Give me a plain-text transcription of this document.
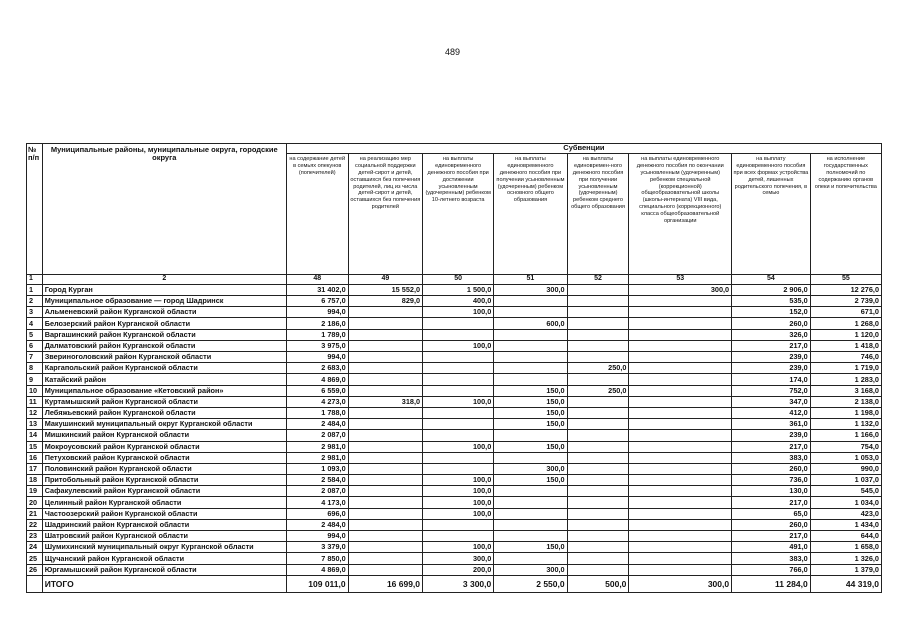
489
№ п/п	Муниципальные районы, муниципальные округа, городские округа	Субвенции							
		на содержание детей в семьях опекунов (попечителей)	на реализацию мер социальной поддержки детей-сирот и детей, оставшихся без попечения родителей, лиц из числа детей-сирот и детей, оставшихся без попечения родителей	на выплаты единовременного денежного пособия при достижении усыновленным (удочеренным) ребенком 10-летнего возраста	на выплаты единовременного денежного пособия при получении усыновленным (удочеренным) ребенком основного общего образования	на выплаты единовремен-ного денежного пособия при получении усыновленным (удочеренным) ребенком среднего общего образования	на выплаты единовременного денежного пособия по окончании усыновленным (удочеренным) ребенком специальной (коррекционной) общеобразовательной школы (школы-интерната) VIII вида, специального (коррекционного) класса общеобразовательной организации	на выплату единовременного пособия при всех формах устройства детей, лишенных родительского попечения, в семью	на исполнение государственных полномочий по содержанию органов опеки и попечительства
1	2	48	49	50	51	52	53	54	55
1	Город Курган	31 402,0	15 552,0	1 500,0	300,0		300,0	2 906,0	12 276,0
2	Муниципальное образование — город Шадринск	6 757,0	829,0	400,0				535,0	2 739,0
3	Альменевский район Курганской области	994,0		100,0				152,0	671,0
4	Белозерский район Курганской области	2 186,0			600,0			260,0	1 268,0
5	Варгашинский район Курганской области	1 789,0						326,0	1 120,0
6	Далматовский район Курганской области	3 975,0		100,0				217,0	1 418,0
7	Звериноголовский район Курганской области	994,0						239,0	746,0
8	Каргапольский район Курганской области	2 683,0				250,0		239,0	1 719,0
9	Катайский район	4 869,0						174,0	1 283,0
10	Муниципальное образование «Кетовский район»	6 559,0			150,0	250,0		752,0	3 168,0
11	Куртамышский район Курганской области	4 273,0	318,0	100,0	150,0			347,0	2 138,0
12	Лебяжьевский район Курганской области	1 788,0			150,0			412,0	1 198,0
13	Макушинский муниципальный округ Курганской области	2 484,0			150,0			361,0	1 132,0
14	Мишкинский район Курганской области	2 087,0						239,0	1 166,0
15	Мокроусовский район Курганской области	2 981,0		100,0	150,0			217,0	754,0
16	Петуховский район Курганской области	2 981,0						383,0	1 053,0
17	Половинский район Курганской области	1 093,0			300,0			260,0	990,0
18	Притобольный район Курганской области	2 584,0		100,0	150,0			736,0	1 037,0
19	Сафакулевский район Курганской области	2 087,0		100,0				130,0	545,0
20	Целинный район Курганской области	4 173,0		100,0				217,0	1 034,0
21	Частоозерский район Курганской области	696,0		100,0				65,0	423,0
22	Шадринский район Курганской области	2 484,0						260,0	1 434,0
23	Шатровский район Курганской области	994,0						217,0	644,0
24	Шумихинский муниципальный округ Курганской области	3 379,0		100,0	150,0			491,0	1 658,0
25	Щучанский район Курганской области	7 850,0		300,0				383,0	1 326,0
26	Юргамышский район Курганской области	4 869,0		200,0	300,0			766,0	1 379,0
	ИТОГО	109 011,0	16 699,0	3 300,0	2 550,0	500,0	300,0	11 284,0	44 319,0
